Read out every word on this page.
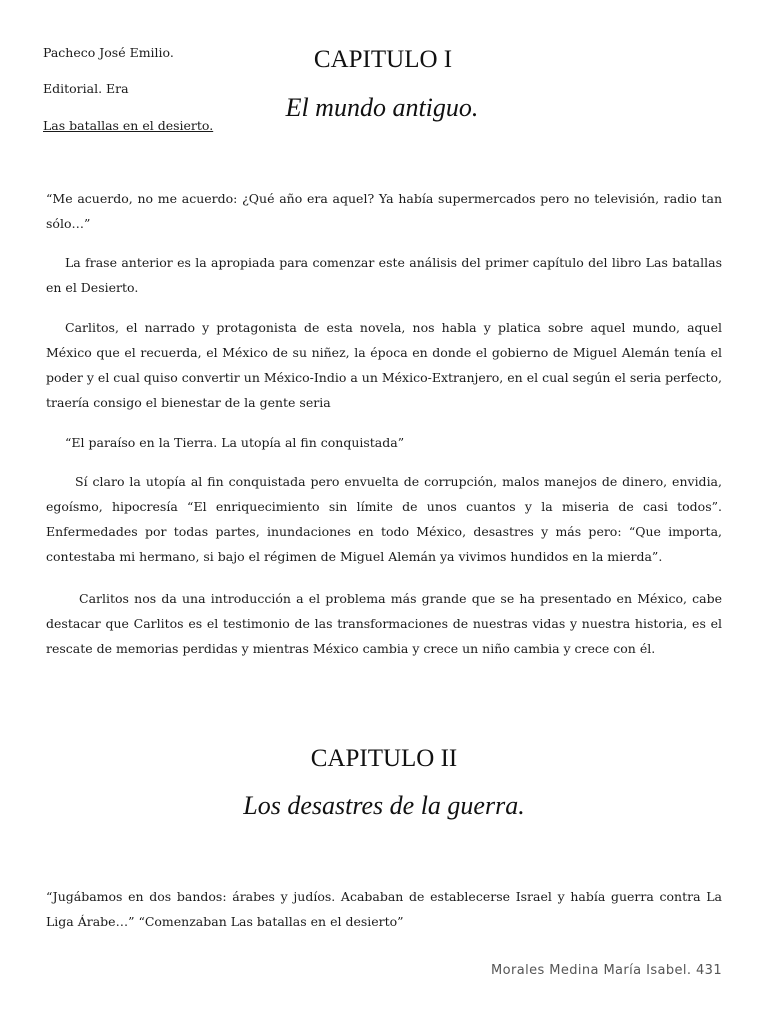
Pacheco José Emilio.
Editorial. Era
Las batallas en el desierto.
CAPITULO I
El mundo antiguo.

“Me acuerdo, no me acuerdo: ¿Qué año era aquel? Ya había supermercados pero no televisión, radio tan sólo…”

La frase anterior es la apropiada para comenzar este análisis del primer capítulo del libro Las batallas en el Desierto.

Carlitos, el narrado y protagonista de esta novela, nos habla y platica sobre aquel mundo, aquel México que el recuerda, el México de su niñez, la época en donde el gobierno de Miguel Alemán tenía el poder y el cual quiso convertir un México-Indio a un México-Extranjero, en el cual según el seria perfecto, traería consigo el bienestar de la gente seria

“El paraíso en la Tierra. La utopía al fin conquistada”

Sí claro la utopía al fin conquistada pero envuelta de corrupción, malos manejos de dinero, envidia, egoísmo, hipocresía “El enriquecimiento sin límite de unos cuantos y la miseria de casi todos”. Enfermedades por todas partes, inundaciones en todo México, desastres y más pero: “Que importa, contestaba mi hermano, si bajo el régimen de Miguel Alemán ya vivimos hundidos en la mierda”.

Carlitos nos da una introducción a el problema más grande que se ha presentado en México, cabe destacar que Carlitos es el testimonio de las transformaciones de nuestras vidas y nuestra historia, es el rescate de memorias perdidas y mientras México cambia y crece un niño cambia y crece con él.

CAPITULO II
Los desastres de la guerra.

“Jugábamos en dos bandos: árabes y judíos. Acababan de establecerse Israel y había guerra contra La Liga Árabe…” “Comenzaban Las batallas en el desierto”

Morales Medina María Isabel. 431
